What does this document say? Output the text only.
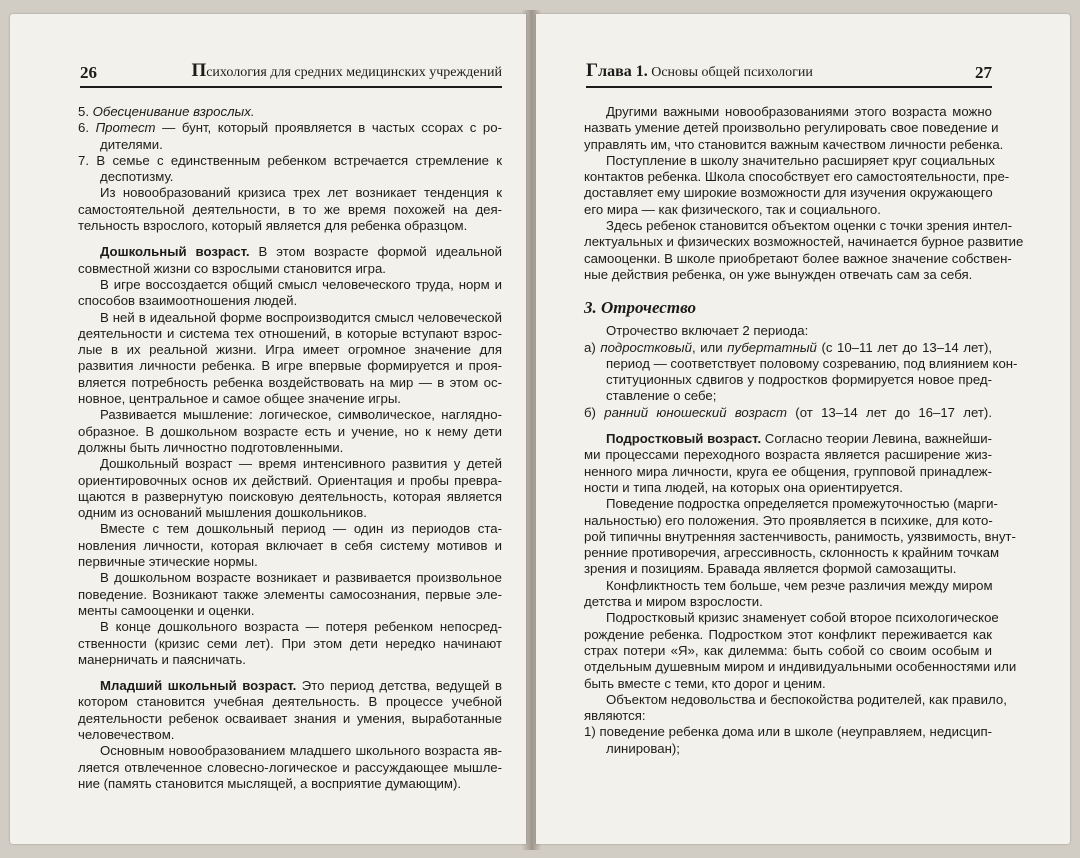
26	Психология для средних медицинских учреждений
5. Обесценивание взрослых.
6. Протест — бунт, который проявляется в частых ссорах с ро-
дителями.
7. В семье с единственным ребенком встречается стремление к
деспотизму.
Из новообразований кризиса трех лет возникает тенденция к
самостоятельной деятельности, в то же время похожей на дея-
тельность взрослого, который является для ребенка образцом.
Дошкольный возраст. В этом возрасте формой идеальной
совместной жизни со взрослыми становится игра.
В игре воссоздается общий смысл человеческого труда, норм и
способов взаимоотношения людей.
В ней в идеальной форме воспроизводится смысл человеческой
деятельности и система тех отношений, в которые вступают взрос-
лые в их реальной жизни. Игра имеет огромное значение для
развития личности ребенка. В игре впервые формируется и проя-
вляется потребность ребенка воздействовать на мир — в этом ос-
новное, центральное и самое общее значение игры.
Развивается мышление: логическое, символическое, наглядно-
образное. В дошкольном возрасте есть и учение, но к нему дети
должны быть личностно подготовленными.
Дошкольный возраст — время интенсивного развития у детей
ориентировочных основ их действий. Ориентация и пробы превра-
щаются в развернутую поисковую деятельность, которая является
одним из оснований мышления дошкольников.
Вместе с тем дошкольный период — один из периодов ста-
новления личности, которая включает в себя систему мотивов и
первичные этические нормы.
В дошкольном возрасте возникает и развивается произвольное
поведение. Возникают также элементы самосознания, первые эле-
менты самооценки и оценки.
В конце дошкольного возраста — потеря ребенком непосред-
ственности (кризис семи лет). При этом дети нередко начинают
манерничать и паясничать.
Младший школьный возраст. Это период детства, ведущей в
котором становится учебная деятельность. В процессе учебной
деятельности ребенок осваивает знания и умения, выработанные
человечеством.
Основным новообразованием младшего школьного возраста яв-
ляется отвлеченное словесно-логическое и рассуждающее мышле-
ние (память становится мыслящей, а восприятие думающим).
Глава 1. Основы общей психологии	27
Другими важными новообразованиями этого возраста можно
назвать умение детей произвольно регулировать свое поведение и
управлять им, что становится важным качеством личности ребенка.
Поступление в школу значительно расширяет круг социальных
контактов ребенка. Школа способствует его самостоятельности, пре-
доставляет ему широкие возможности для изучения окружающего
его мира — как физического, так и социального.
Здесь ребенок становится объектом оценки с точки зрения интел-
лектуальных и физических возможностей, начинается бурное развитие
самооценки. В школе приобретают более важное значение собствен-
ные действия ребенка, он уже вынужден отвечать сам за себя.
3. Отрочество
Отрочество включает 2 периода:
а) подростковый, или пубертатный (с 10–11 лет до 13–14 лет),
период — соответствует половому созреванию, под влиянием кон-
ституционных сдвигов у подростков формируется новое пред-
ставление о себе;
б) ранний юношеский возраст (от 13–14 лет до 16–17 лет).
Подростковый возраст. Согласно теории Левина, важнейши-
ми процессами переходного возраста является расширение жиз-
ненного мира личности, круга ее общения, групповой принадлеж-
ности и типа людей, на которых она ориентируется.
Поведение подростка определяется промежуточностью (марги-
нальностью) его положения. Это проявляется в психике, для кото-
рой типичны внутренняя застенчивость, ранимость, уязвимость, внут-
ренние противоречия, агрессивность, склонность к крайним точкам
зрения и позициям. Бравада является формой самозащиты.
Конфликтность тем больше, чем резче различия между миром
детства и миром взрослости.
Подростковый кризис знаменует собой второе психологическое
рождение ребенка. Подростком этот конфликт переживается как
страх потери «Я», как дилемма: быть собой со своим особым и
отдельным душевным миром и индивидуальными особенностями или
быть вместе с теми, кто дорог и ценим.
Объектом недовольства и беспокойства родителей, как правило,
являются:
1) поведение ребенка дома или в школе (неуправляем, недисцип-
линирован);
